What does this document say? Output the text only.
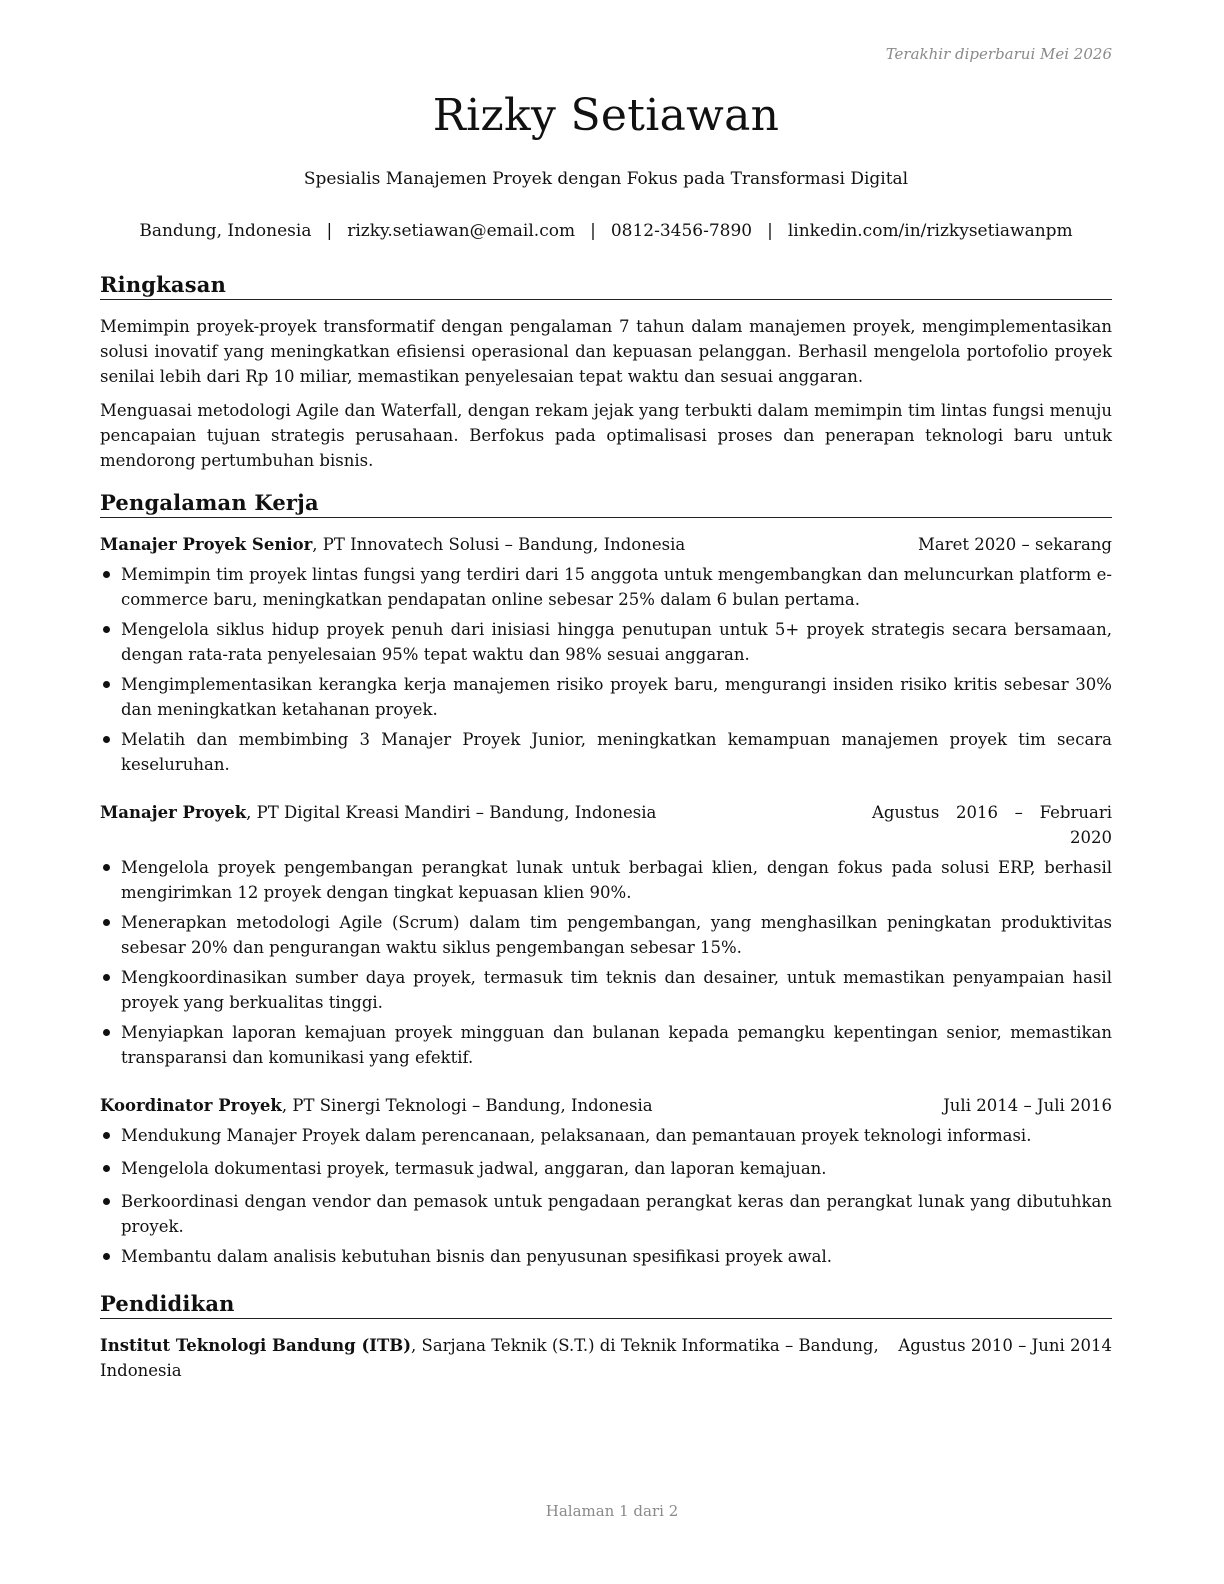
Terakhir diperbarui Mei 2026
Rizky Setiawan
Spesialis Manajemen Proyek dengan Fokus pada Transformasi Digital
Bandung, Indonesia | rizky.setiawan@email.com | 0812-3456-7890 | linkedin.com/in/rizkysetiawanpm
Ringkasan
Memimpin proyek-proyek transformatif dengan pengalaman 7 tahun dalam manajemen proyek, mengimplementasikan solusi inovatif yang meningkatkan efisiensi operasional dan kepuasan pelanggan. Berhasil mengelola portofolio proyek senilai lebih dari Rp 10 miliar, memastikan penyelesaian tepat waktu dan sesuai anggaran.
Menguasai metodologi Agile dan Waterfall, dengan rekam jejak yang terbukti dalam memimpin tim lintas fungsi menuju pencapaian tujuan strategis perusahaan. Berfokus pada optimalisasi proses dan penerapan teknologi baru untuk mendorong pertumbuhan bisnis.
Pengalaman Kerja
Manajer Proyek Senior, PT Innovatech Solusi – Bandung, Indonesia	Maret 2020 – sekarang
Memimpin tim proyek lintas fungsi yang terdiri dari 15 anggota untuk mengembangkan dan meluncurkan platform e-commerce baru, meningkatkan pendapatan online sebesar 25% dalam 6 bulan pertama.
Mengelola siklus hidup proyek penuh dari inisiasi hingga penutupan untuk 5+ proyek strategis secara bersamaan, dengan rata-rata penyelesaian 95% tepat waktu dan 98% sesuai anggaran.
Mengimplementasikan kerangka kerja manajemen risiko proyek baru, mengurangi insiden risiko kritis sebesar 30% dan meningkatkan ketahanan proyek.
Melatih dan membimbing 3 Manajer Proyek Junior, meningkatkan kemampuan manajemen proyek tim secara keseluruhan.
Manajer Proyek, PT Digital Kreasi Mandiri – Bandung, Indonesia	Agustus 2016 – Februari 2020
Mengelola proyek pengembangan perangkat lunak untuk berbagai klien, dengan fokus pada solusi ERP, berhasil mengirimkan 12 proyek dengan tingkat kepuasan klien 90%.
Menerapkan metodologi Agile (Scrum) dalam tim pengembangan, yang menghasilkan peningkatan produktivitas sebesar 20% dan pengurangan waktu siklus pengembangan sebesar 15%.
Mengkoordinasikan sumber daya proyek, termasuk tim teknis dan desainer, untuk memastikan penyampaian hasil proyek yang berkualitas tinggi.
Menyiapkan laporan kemajuan proyek mingguan dan bulanan kepada pemangku kepentingan senior, memastikan transparansi dan komunikasi yang efektif.
Koordinator Proyek, PT Sinergi Teknologi – Bandung, Indonesia	Juli 2014 – Juli 2016
Mendukung Manajer Proyek dalam perencanaan, pelaksanaan, dan pemantauan proyek teknologi informasi.
Mengelola dokumentasi proyek, termasuk jadwal, anggaran, dan laporan kemajuan.
Berkoordinasi dengan vendor dan pemasok untuk pengadaan perangkat keras dan perangkat lunak yang dibutuhkan proyek.
Membantu dalam analisis kebutuhan bisnis dan penyusunan spesifikasi proyek awal.
Pendidikan
Institut Teknologi Bandung (ITB), Sarjana Teknik (S.T.) di Teknik Informatika – Bandung,
Indonesia
Agustus 2010 – Juni 2014
Halaman 1 dari 2
